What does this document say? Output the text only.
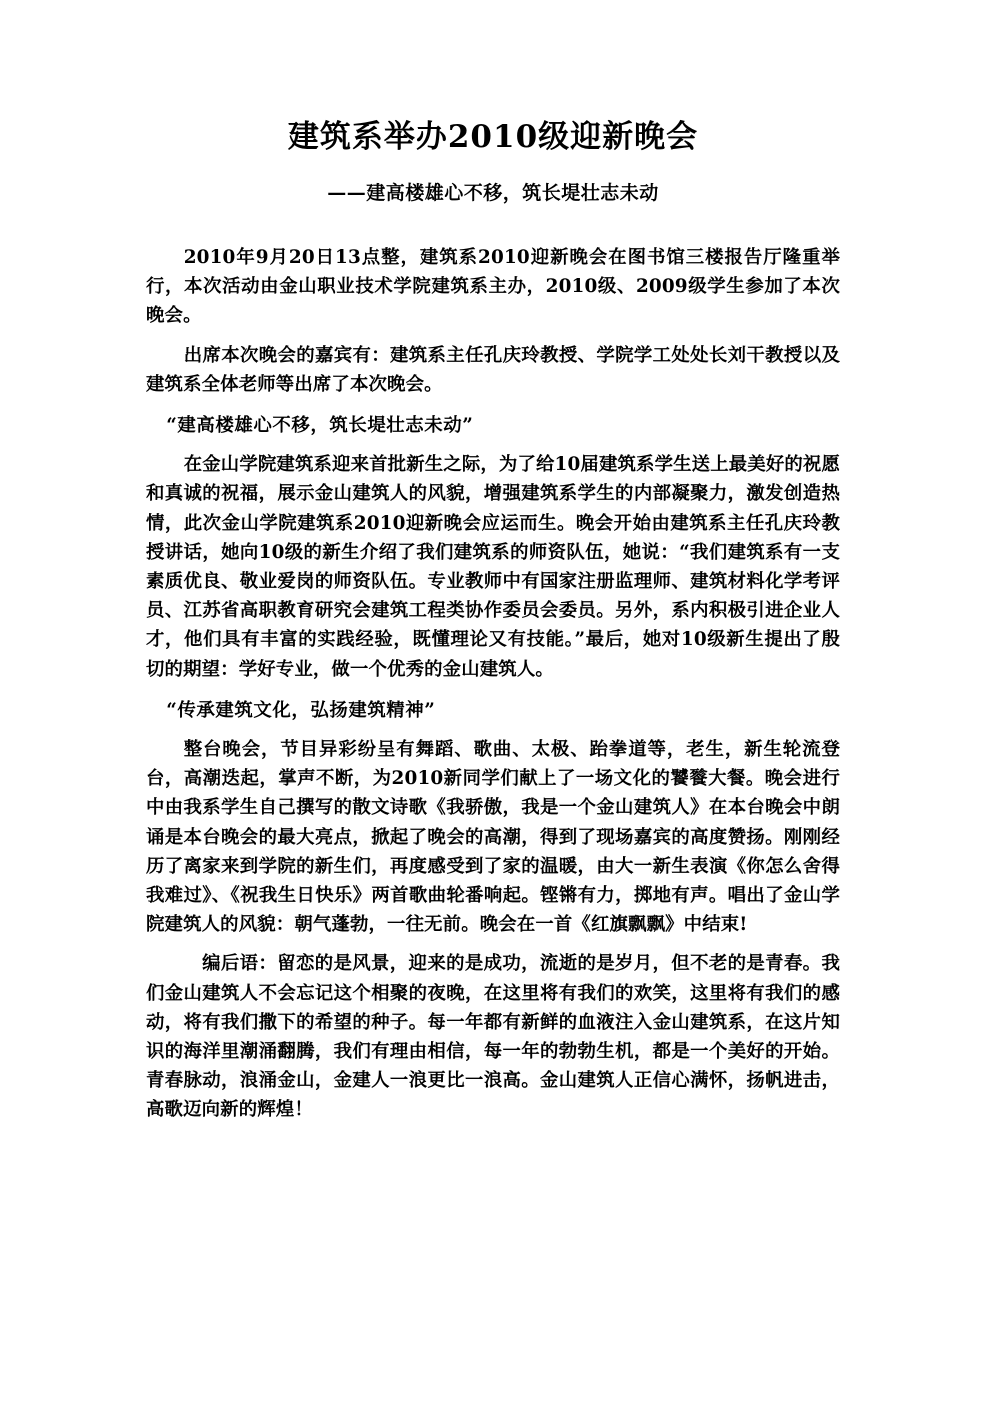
建筑系举办2010级迎新晚会

——建高楼雄心不移，筑长堤壮志未动

2010年9月20日13点整，建筑系2010迎新晚会在图书馆三楼报告厅隆重举行，本次活动由金山职业技术学院建筑系主办，2010级、2009级学生参加了本次晚会。

出席本次晚会的嘉宾有：建筑系主任孔庆玲教授、学院学工处处长刘干教授以及建筑系全体老师等出席了本次晚会。

“建高楼雄心不移，筑长堤壮志未动”

在金山学院建筑系迎来首批新生之际，为了给10届建筑系学生送上最美好的祝愿和真诚的祝福，展示金山建筑人的风貌，增强建筑系学生的内部凝聚力，激发创造热情，此次金山学院建筑系2010迎新晚会应运而生。晚会开始由建筑系主任孔庆玲教授讲话，她向10级的新生介绍了我们建筑系的师资队伍，她说：“我们建筑系有一支素质优良、敬业爱岗的师资队伍。专业教师中有国家注册监理师、建筑材料化学考评员、江苏省高职教育研究会建筑工程类协作委员会委员。另外，系内积极引进企业人才，他们具有丰富的实践经验，既懂理论又有技能。”最后，她对10级新生提出了殷切的期望：学好专业，做一个优秀的金山建筑人。

“传承建筑文化，弘扬建筑精神”

整台晚会，节目异彩纷呈有舞蹈、歌曲、太极、跆拳道等，老生，新生轮流登台，高潮迭起，掌声不断，为2010新同学们献上了一场文化的饕餮大餐。晚会进行中由我系学生自己撰写的散文诗歌《我骄傲，我是一个金山建筑人》在本台晚会中朗诵是本台晚会的最大亮点，掀起了晚会的高潮，得到了现场嘉宾的高度赞扬。刚刚经历了离家来到学院的新生们，再度感受到了家的温暖，由大一新生表演《你怎么舍得我难过》、《祝我生日快乐》两首歌曲轮番响起。铿锵有力，掷地有声。唱出了金山学院建筑人的风貌：朝气蓬勃，一往无前。晚会在一首《红旗飘飘》中结束!

编后语：留恋的是风景，迎来的是成功，流逝的是岁月，但不老的是青春。我们金山建筑人不会忘记这个相聚的夜晚，在这里将有我们的欢笑，这里将有我们的感动，将有我们撒下的希望的种子。每一年都有新鲜的血液注入金山建筑系，在这片知识的海洋里潮涌翻腾，我们有理由相信，每一年的勃勃生机，都是一个美好的开始。青春脉动，浪涌金山，金建人一浪更比一浪高。金山建筑人正信心满怀，扬帆进击，高歌迈向新的辉煌！
